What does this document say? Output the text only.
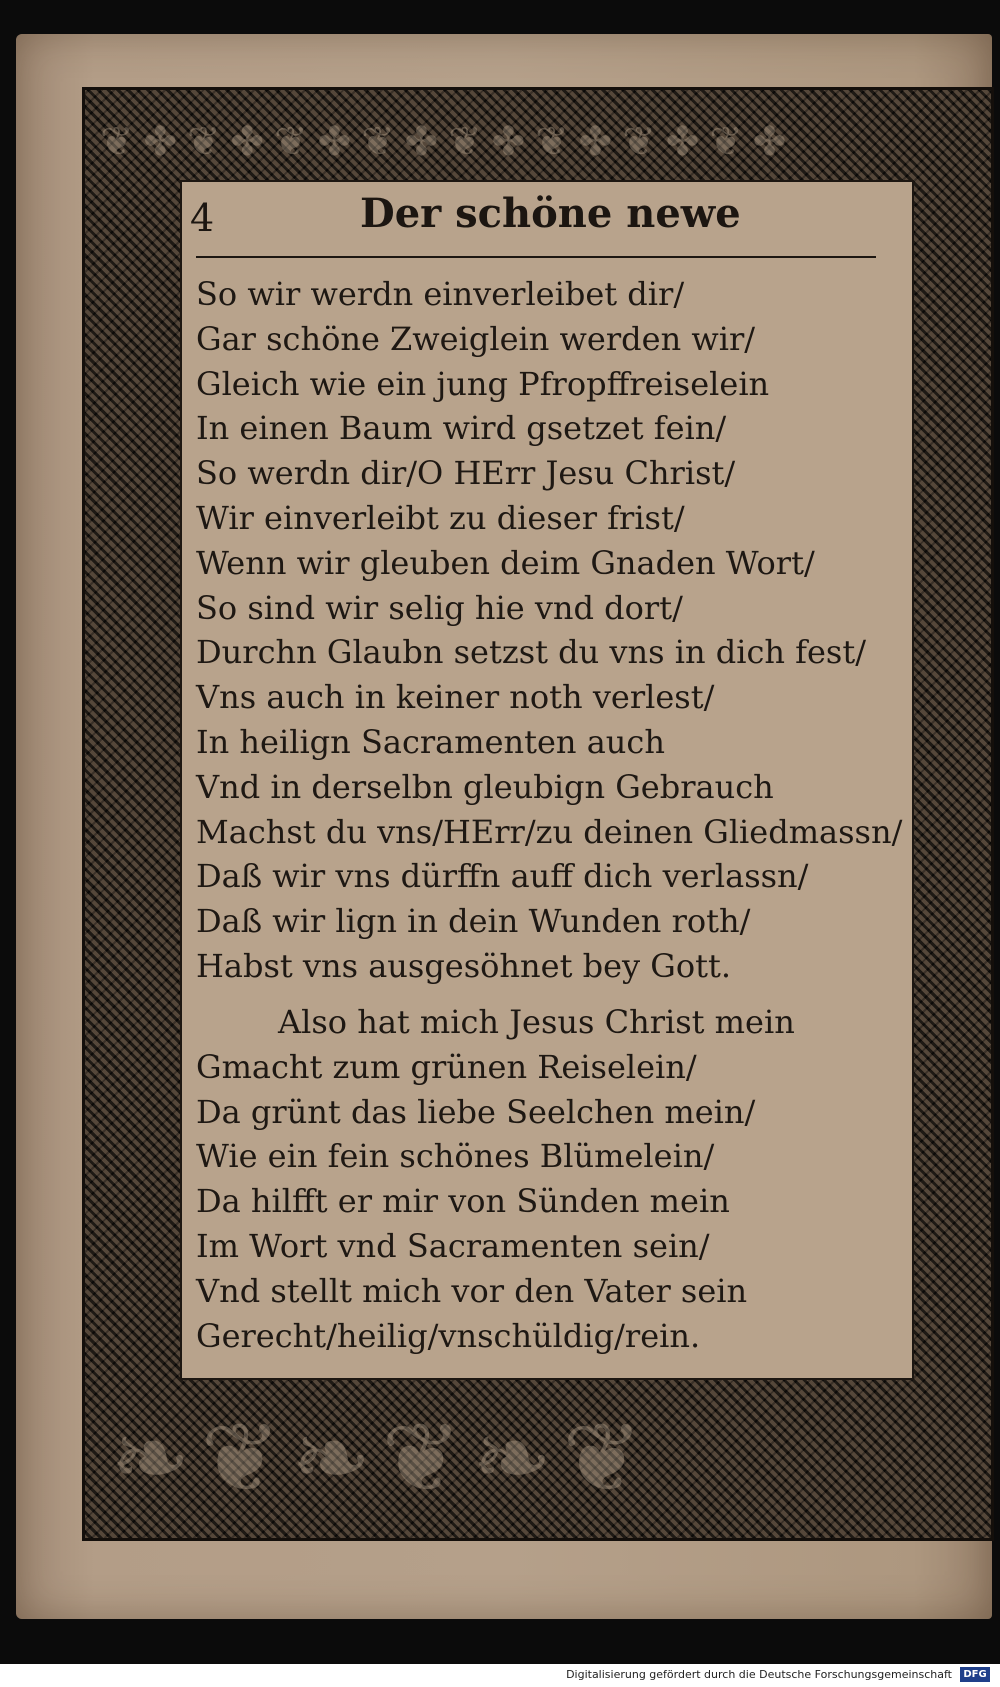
❦✤❦✤❦✤❦✤❦✤❦✤❦✤❦✤
❧❦❧❦❧❦
4	Der schöne newe
So wir werdn einverleibet dir/
Gar schöne Zweiglein werden wir/
Gleich wie ein jung Pfropffreiselein
In einen Baum wird gsetzet fein/
So werdn dir/O HErr Jesu Christ/
Wir einverleibt zu dieser frist/
Wenn wir gleuben deim Gnaden Wort/
So sind wir selig hie vnd dort/
Durchn Glaubn setzst du vns in dich fest/
Vns auch in keiner noth verlest/
In heilign Sacramenten auch
Vnd in derselbn gleubign Gebrauch
Machst du vns/HErr/zu deinen Gliedmassn/
Daß wir vns dürffn auff dich verlassn/
Daß wir lign in dein Wunden roth/
Habst vns ausgesöhnet bey Gott.
Also hat mich Jesus Christ mein
Gmacht zum grünen Reiselein/
Da grünt das liebe Seelchen mein/
Wie ein fein schönes Blümelein/
Da hilfft er mir von Sünden mein
Im Wort vnd Sacramenten sein/
Vnd stellt mich vor den Vater sein
Gerecht/heilig/vnschüldig/rein.
Digitalisierung gefördert durch die Deutsche Forschungsgemeinschaft	DFG
